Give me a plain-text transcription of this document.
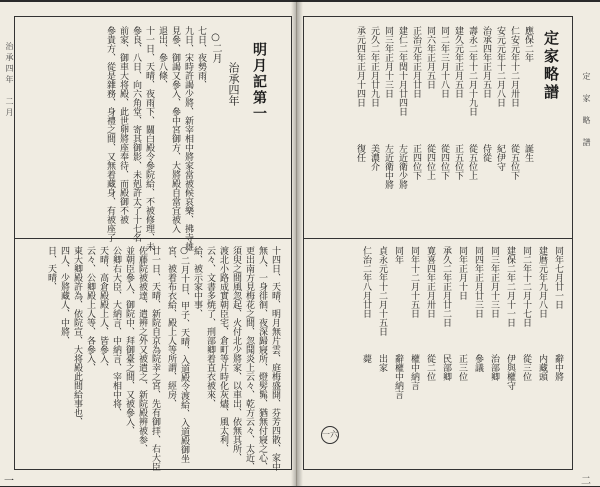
明月記第一
治承四年
○二月
七日、夜勢雨、
九日、宋時許謁少將、新宰相中將家當被候哀樂、拂寺雄
見參、御謁又參入、參中宮御方、大將殿自當宜被入
退出、參八條、
十一日、天晴、夜雨下、關白殿令參院給、不被修理、未
參良、八日、向六角堂、寄其御影、未剋許太了十七名
前家、御車大将殿、此世卵將座奉待、而殿御不被
參貴方、從是雜務、身禮之間、又無着藏身、有被座了
十四日、天晴、明月無片雲、庭梅盛開、芬芳四散、家中
無人、一身徘徊、夜深歸寢所、燈髣髴、猶無付寢之心、
更出南方見梅花之間、忽聞炎上云々、乾方云々、太近、
須臾之間風忽起、火付北少將家、以車出、依無其所、
渡北小路成實朝臣宅、倉町等片時化灰燼、風太利、
云々、文書多焼了、刑部卿着直衣被來、
給、被示家中事、
○二月十日、甲子、天晴、入道殿令渡給、入道殿御坐
宮、被着布衣給、殿上人等所謂、經房、
廿一日、天晴、新院自京為院幸之宮、先有御拝、右大臣
佐藤院被被達、遣辨之外又被遣之、新院殿辨被参、
並朝臣參入、御院中、拜御臺之間、又被參入、
公卿右大臣、大納言、中納言、宰相中将、
天晴、高倉殿殿上人、皆參入、
云々、公卿殿上人等、各參入、
東大卿殿許為、依院宣、大将殿此間給事也、
四人、少將藏人、中將、
日、天晴、
治承四年　二月
一
定家略譜
定　家　略　譜
應保二年
仁安元年十二月卅日
安元元年十二月八日
治承四年正月五日
壽永二年十二月十九日
建久元年正月五日
同二年三月十八日
同六年正月五日
正治元年正月廿日
建仁二年閏十月廿四日
同三年正月十三日
元久二年正月廿九日
承元四年正月十四日
誕生
從五位下
紀伊守
侍從
從五位上
正五位下
從四位下
從四位上
正四位下
左近衛少將
左近衛中將
美濃介
復任
同年七月廿一日
建暦元年九月八日
同二年十二月十七日
建保二年二月十一日
同三年正月十三日
同四年正月廿三日
同年正月十日
承久二年正月廿二日
寛喜四年正月卅日
同年十二月十五日
同年
貞永元年十二月十五日
仁治二年八月廿日
辭中將
内藏頭
從三位
伊與權守
治部卿
參議
正三位
民部卿
從二位
權中納言
辭權中納言
出家
薨
一六
二
